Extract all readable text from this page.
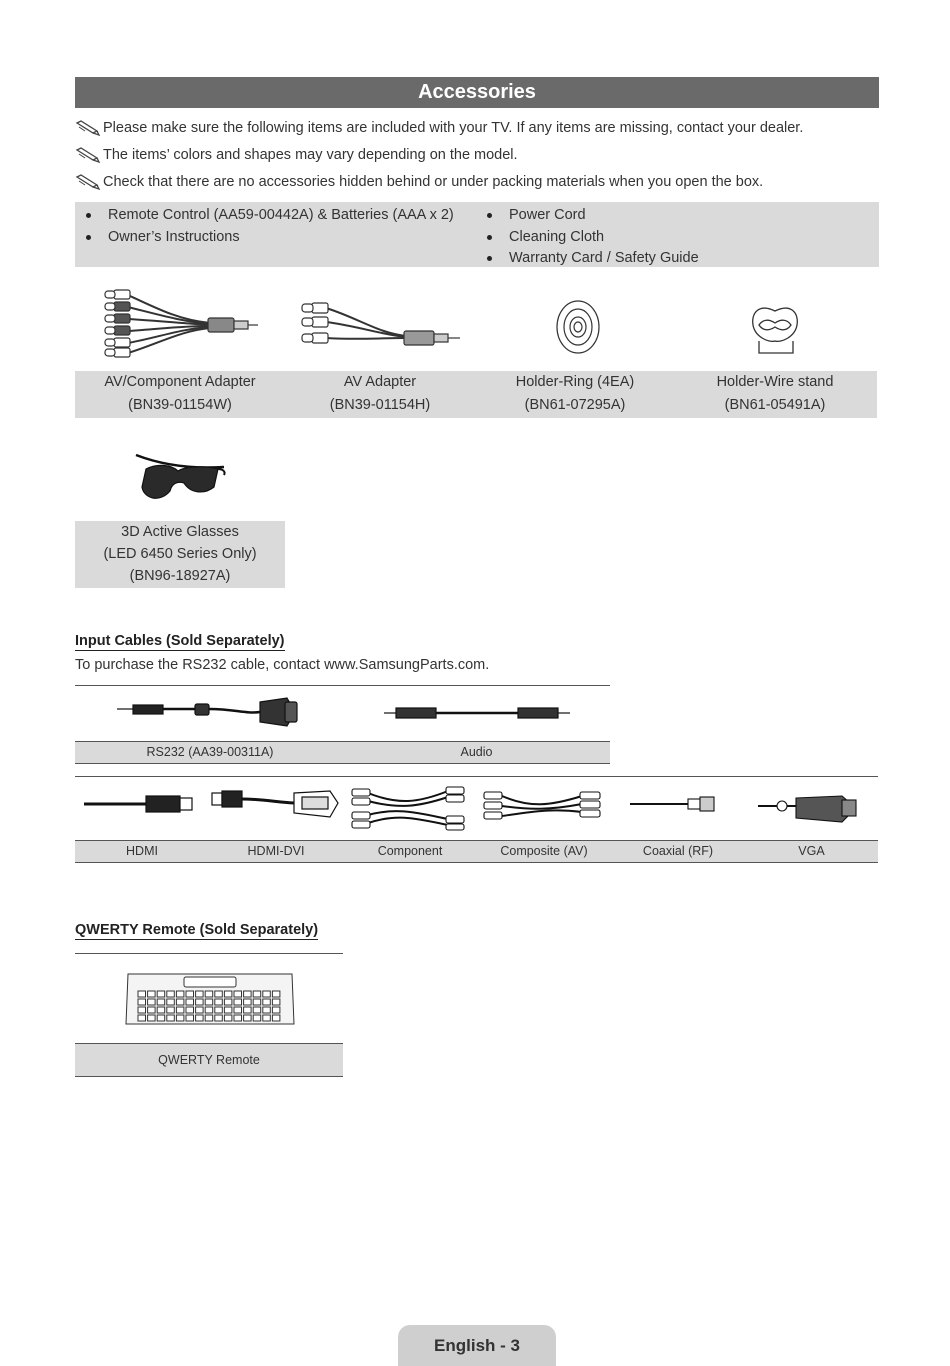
Accessories
Please make sure the following items are included with your TV. If any items are missing, contact your dealer.
The items’ colors and shapes may vary depending on the model.
Check that there are no accessories hidden behind or under packing materials when you open the box.
Remote Control (AA59-00442A) & Batteries (AAA x 2)
Owner’s Instructions
Power Cord
Cleaning Cloth
Warranty Card / Safety Guide
AV/Component Adapter
(BN39-01154W)
AV Adapter
(BN39-01154H)
Holder-Ring (4EA)
(BN61-07295A)
Holder-Wire stand
(BN61-05491A)
3D Active Glasses
(LED 6450 Series Only)
(BN96-18927A)
Input Cables (Sold Separately)
To purchase the RS232 cable, contact www.SamsungParts.com.
RS232 (AA39-00311A)	Audio
HDMI	HDMI-DVI	Component	Composite (AV)	Coaxial (RF)	VGA
QWERTY Remote (Sold Separately)
QWERTY Remote
English - 3
